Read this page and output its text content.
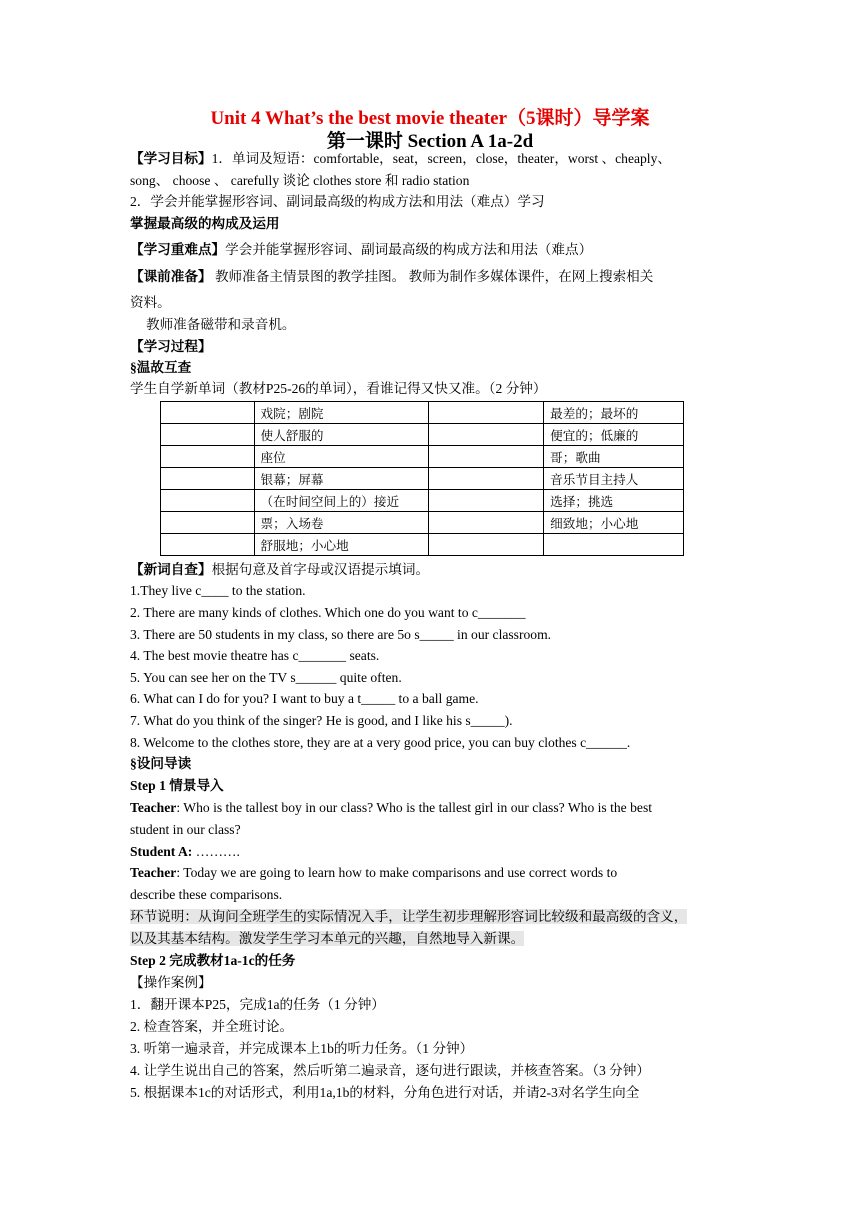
Unit 4 What’s the best movie theater（5课时）导学案
第一课时 Section A 1a-2d
【学习目标】1．单词及短语：comfortable，seat，screen，close，theater，worst 、cheaply、
song、 choose 、 carefully 谈论 clothes store 和 radio station
2．学会并能掌握形容词、副词最高级的构成方法和用法（难点）学习
掌握最高级的构成及运用
【学习重难点】学会并能掌握形容词、副词最高级的构成方法和用法（难点）
【课前准备】 教师准备主情景图的教学挂图。 教师为制作多媒体课件，在网上搜索相关
资料。
教师准备磁带和录音机。
【学习过程】
§温故互查
学生自学新单词（教材P25-26的单词），看谁记得又快又准。（2 分钟）
	戏院；剧院		最差的；最坏的
	使人舒服的		便宜的；低廉的
	座位		哥；歌曲
	银幕；屏幕		音乐节目主持人
	（在时间空间上的）接近		选择；挑选
	票；入场卷		细致地；小心地
	舒服地；小心地		
【新词自查】根据句意及首字母或汉语提示填词。
1.They live c____ to the station.
2. There are many kinds of clothes. Which one do you want to c_______
3. There are 50 students in my class, so there are 5o s_____ in our classroom.
4. The best movie theatre has c_______ seats.
5. You can see her on the TV s______ quite often.
6. What can I do for you? I want to buy a t_____ to a ball game.
7. What do you think of the singer? He is good, and I like his s_____).
8. Welcome to the clothes store, they are at a very good price, you can buy clothes c______.
§设问导读
Step 1 情景导入
Teacher: Who is the tallest boy in our class? Who is the tallest girl in our class? Who is the best
student in our class?
Student A: ……….
Teacher: Today we are going to learn how to make comparisons and use correct words to
describe these comparisons.
环节说明：从询问全班学生的实际情况入手，让学生初步理解形容词比较级和最高级的含义，
以及其基本结构。激发学生学习本单元的兴趣，自然地导入新课。
Step 2 完成教材1a-1c的任务
【操作案例】
1．翻开课本P25，完成1a的任务（1 分钟）
2. 检查答案，并全班讨论。
3. 听第一遍录音，并完成课本上1b的听力任务。（1 分钟）
4. 让学生说出自己的答案，然后听第二遍录音，逐句进行跟读，并核查答案。（3 分钟）
5. 根据课本1c的对话形式，利用1a,1b的材料，分角色进行对话，并请2-3对名学生向全
